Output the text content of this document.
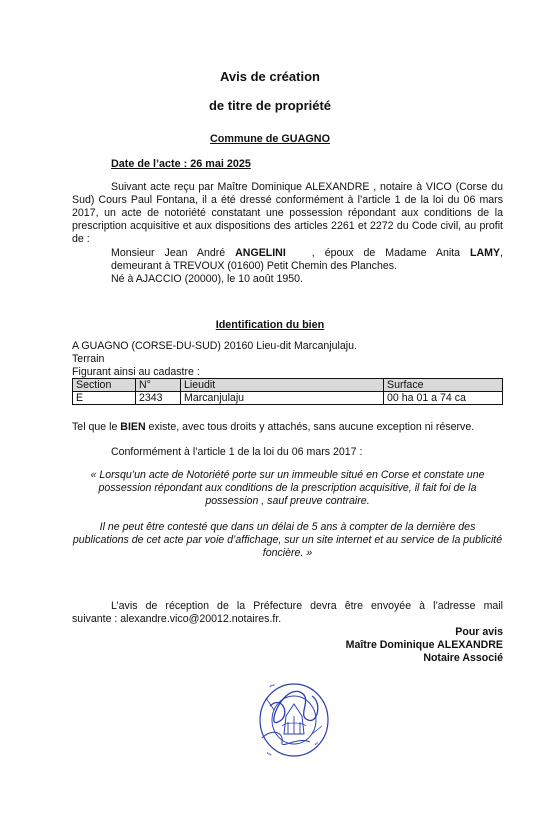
Avis de création
de titre de propriété
Commune de GUAGNO
Date de l’acte : 26 mai 2025
Suivant acte reçu par Maître Dominique ALEXANDRE , notaire à VICO (Corse du Sud) Cours Paul Fontana, il a été dressé conformément à l’article 1 de la loi du 06 mars 2017, un acte de notoriété constatant une possession répondant aux conditions de la prescription acquisitive et aux dispositions des articles 2261 et 2272 du Code civil, au profit de :
Monsieur Jean André ANGELINI , époux de Madame Anita LAMY,
demeurant à TREVOUX (01600) Petit Chemin des Planches.
Né à AJACCIO (20000), le 10 août 1950.
Identification du bien
A GUAGNO (CORSE-DU-SUD) 20160 Lieu-dit Marcanjulaju.
Terrain
Figurant ainsi au cadastre :
Section	N°	Lieudit	Surface
E	2343	Marcanjulaju	00 ha 01 a 74 ca
Tel que le BIEN existe, avec tous droits y attachés, sans aucune exception ni réserve.
Conformément à l’article 1 de la loi du 06 mars 2017 :
« Lorsqu’un acte de Notoriété porte sur un immeuble situé en Corse et constate une possession répondant aux conditions de la prescription acquisitive, il fait foi de la possession , sauf preuve contraire.
Il ne peut être contesté que dans un délai de 5 ans à compter de la dernière des publications de cet acte par voie d’affichage, sur un site internet et au service de la publicité foncière. »
L’avis de réception de la Préfecture devra être envoyée à l’adresse mail
suivante : alexandre.vico@20012.notaires.fr.
Pour avis
Maître Dominique ALEXANDRE
Notaire Associé
•••
••
••
•••
